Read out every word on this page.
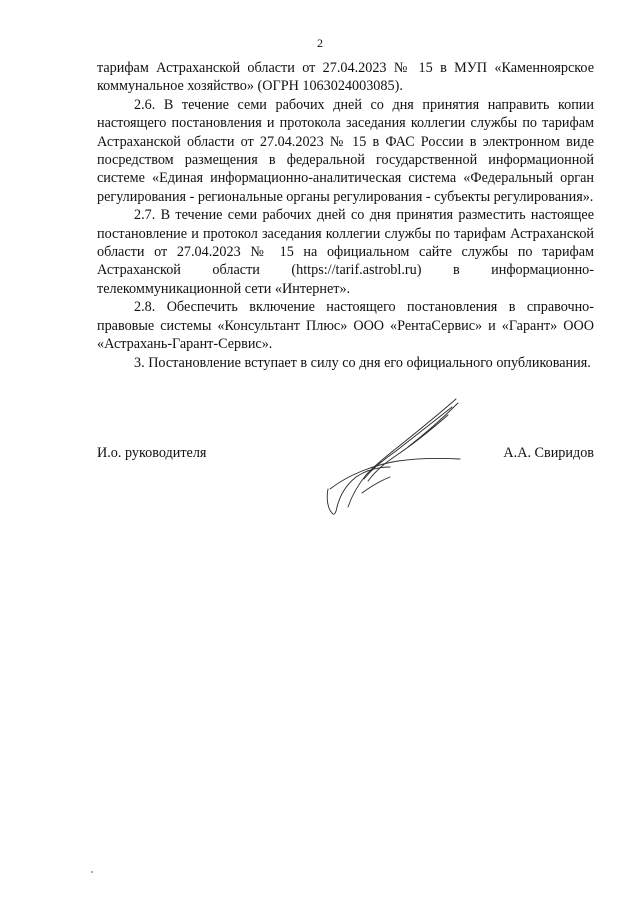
2

тарифам Астраханской области от 27.04.2023 № 15 в МУП «Каменноярское коммунальное хозяйство» (ОГРН 1063024003085).

2.6. В течение семи рабочих дней со дня принятия направить копии настоящего постановления и протокола заседания коллегии службы по тарифам Астраханской области от 27.04.2023 № 15 в ФАС России в электронном виде посредством размещения в федеральной государственной информационной системе «Единая информационно-аналитическая система «Федеральный орган регулирования - региональные органы регулирования - субъекты регулирования».

2.7. В течение семи рабочих дней со дня принятия разместить настоящее постановление и протокол заседания коллегии службы по тарифам Астраханской области от 27.04.2023 № 15 на официальном сайте службы по тарифам Астраханской области (https://tarif.astrobl.ru) в информационно-телекоммуникационной сети «Интернет».

2.8. Обеспечить включение настоящего постановления в справочно-правовые системы «Консультант Плюс» ООО «РентаСервис» и «Гарант» ООО «Астрахань-Гарант-Сервис».

3. Постановление вступает в силу со дня его официального опубликования.

И.о. руководителя	А.А. Свиридов
